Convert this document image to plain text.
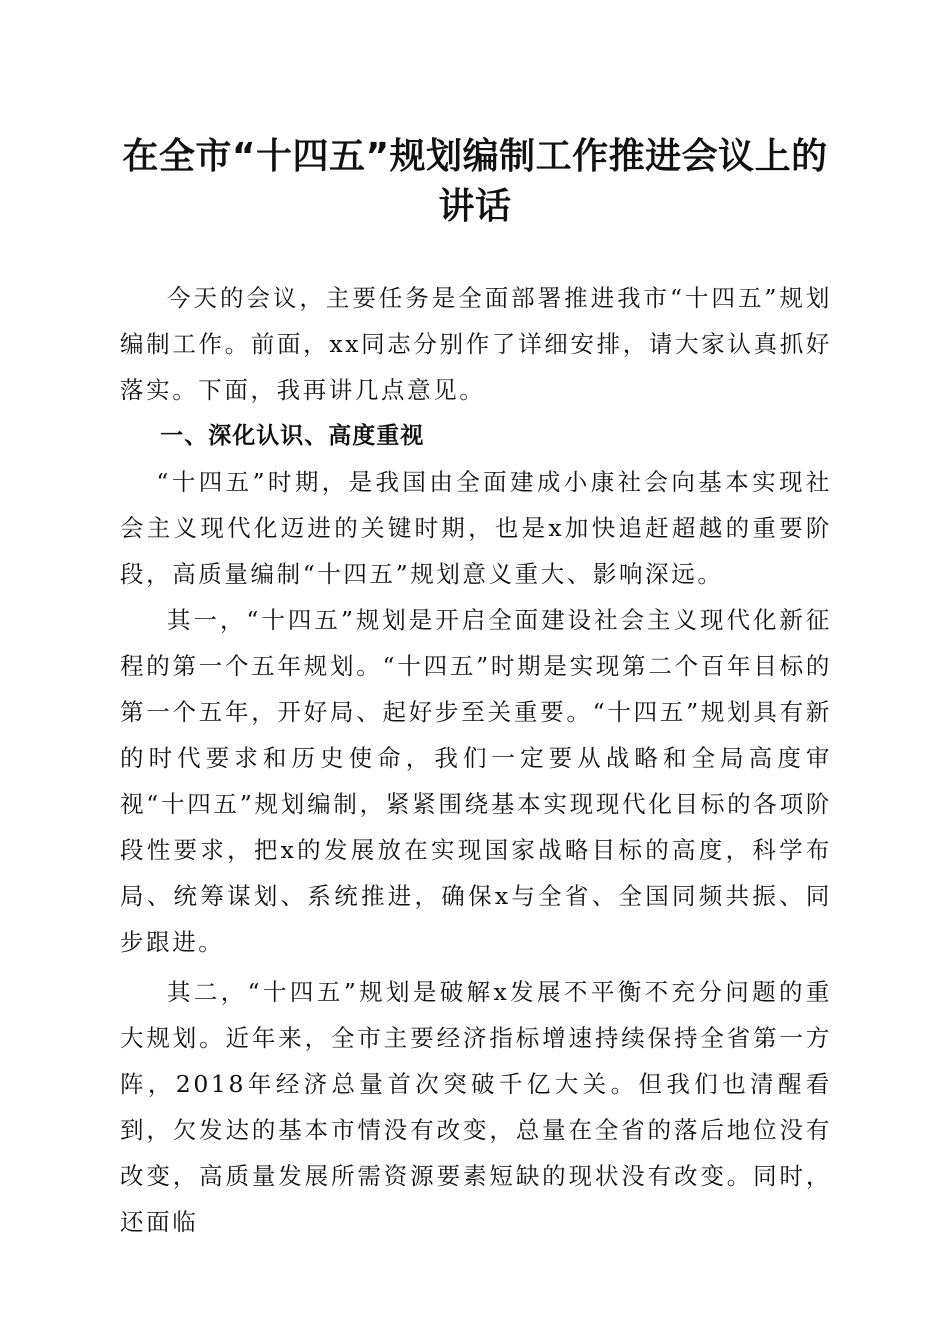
在全市“十四五”规划编制工作推进会议上的
讲话

今天的会议，主要任务是全面部署推进我市“十四五”规划编制工作。前面，xx同志分别作了详细安排，请大家认真抓好落实。下面，我再讲几点意见。

一、深化认识、高度重视

“十四五”时期，是我国由全面建成小康社会向基本实现社会主义现代化迈进的关键时期，也是x加快追赶超越的重要阶段，高质量编制“十四五”规划意义重大、影响深远。

其一，“十四五”规划是开启全面建设社会主义现代化新征程的第一个五年规划。“十四五”时期是实现第二个百年目标的第一个五年，开好局、起好步至关重要。“十四五”规划具有新的时代要求和历史使命，我们一定要从战略和全局高度审视“十四五”规划编制，紧紧围绕基本实现现代化目标的各项阶段性要求，把x的发展放在实现国家战略目标的高度，科学布局、统筹谋划、系统推进，确保x与全省、全国同频共振、同步跟进。

其二，“十四五”规划是破解x发展不平衡不充分问题的重大规划。近年来，全市主要经济指标增速持续保持全省第一方阵，2018年经济总量首次突破千亿大关。但我们也清醒看到，欠发达的基本市情没有改变，总量在全省的落后地位没有改变，高质量发展所需资源要素短缺的现状没有改变。同时，还面临
